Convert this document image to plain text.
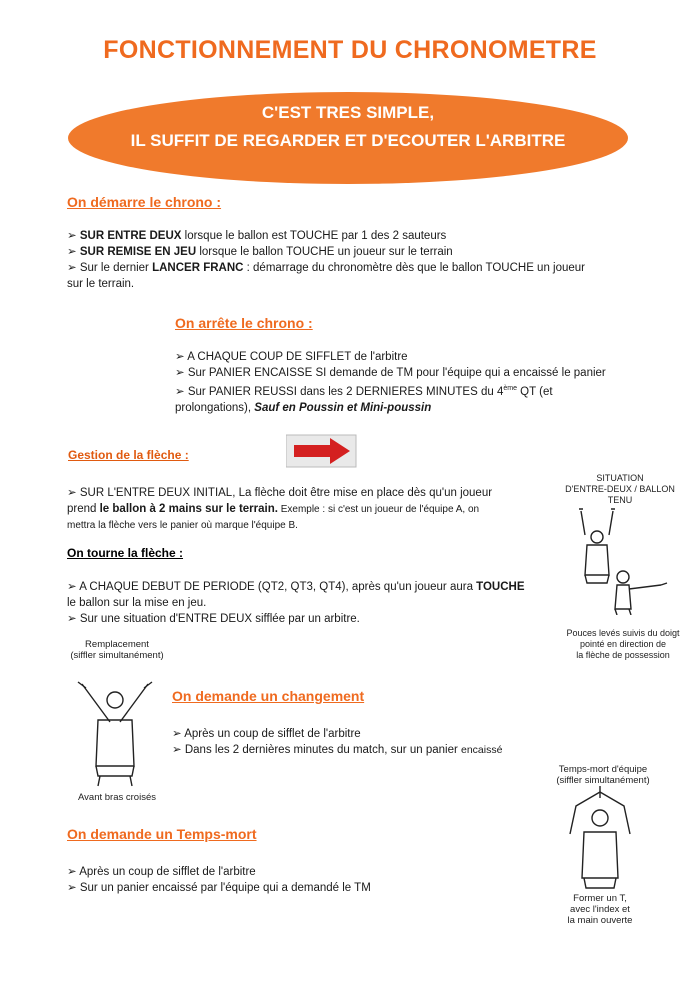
FONCTIONNEMENT DU CHRONOMETRE
C'EST TRES SIMPLE,
IL SUFFIT DE REGARDER ET D'ECOUTER L'ARBITRE
On démarre le chrono :
➢ SUR ENTRE DEUX lorsque le ballon est TOUCHE par 1 des 2 sauteurs
➢ SUR REMISE EN JEU lorsque le ballon TOUCHE un joueur sur le terrain
➢ Sur le dernier LANCER FRANC : démarrage du chronomètre dès que le ballon TOUCHE un joueur
sur le terrain.
On arrête le chrono :
➢ A CHAQUE COUP DE SIFFLET de l'arbitre
➢ Sur PANIER ENCAISSE SI demande de TM pour l'équipe qui a encaissé le panier
➢ Sur PANIER REUSSI dans les 2 DERNIERES MINUTES du 4ème QT (et
prolongations), Sauf en Poussin et Mini-poussin
Gestion de la flèche :
➢ SUR L'ENTRE DEUX INITIAL, La flèche doit être mise en place dès qu'un joueur
prend le ballon à 2 mains sur le terrain. Exemple : si c'est un joueur de l'équipe A, on
mettra la flèche vers le panier où marque l'équipe B.
On tourne la flèche :
➢ A CHAQUE DEBUT DE PERIODE (QT2, QT3, QT4), après qu'un joueur aura TOUCHE
le ballon sur la mise en jeu.
➢ Sur une situation d'ENTRE DEUX sifflée par un arbitre.
SITUATION
D'ENTRE-DEUX / BALLON
TENU
Pouces levés suivis du doigt
pointé en direction de
la flèche de possession
Remplacement
(siffler simultanément)
Avant bras croisés
On demande un changement
➢ Après un coup de sifflet de l'arbitre
➢ Dans les 2 dernières minutes du match, sur un panier encaissé
Temps-mort d'équipe
(siffler simultanément)
Former un T,
avec l'index et
la main ouverte
On demande un Temps-mort
➢ Après un coup de sifflet de l'arbitre
➢ Sur un panier encaissé par l'équipe qui a demandé le TM
